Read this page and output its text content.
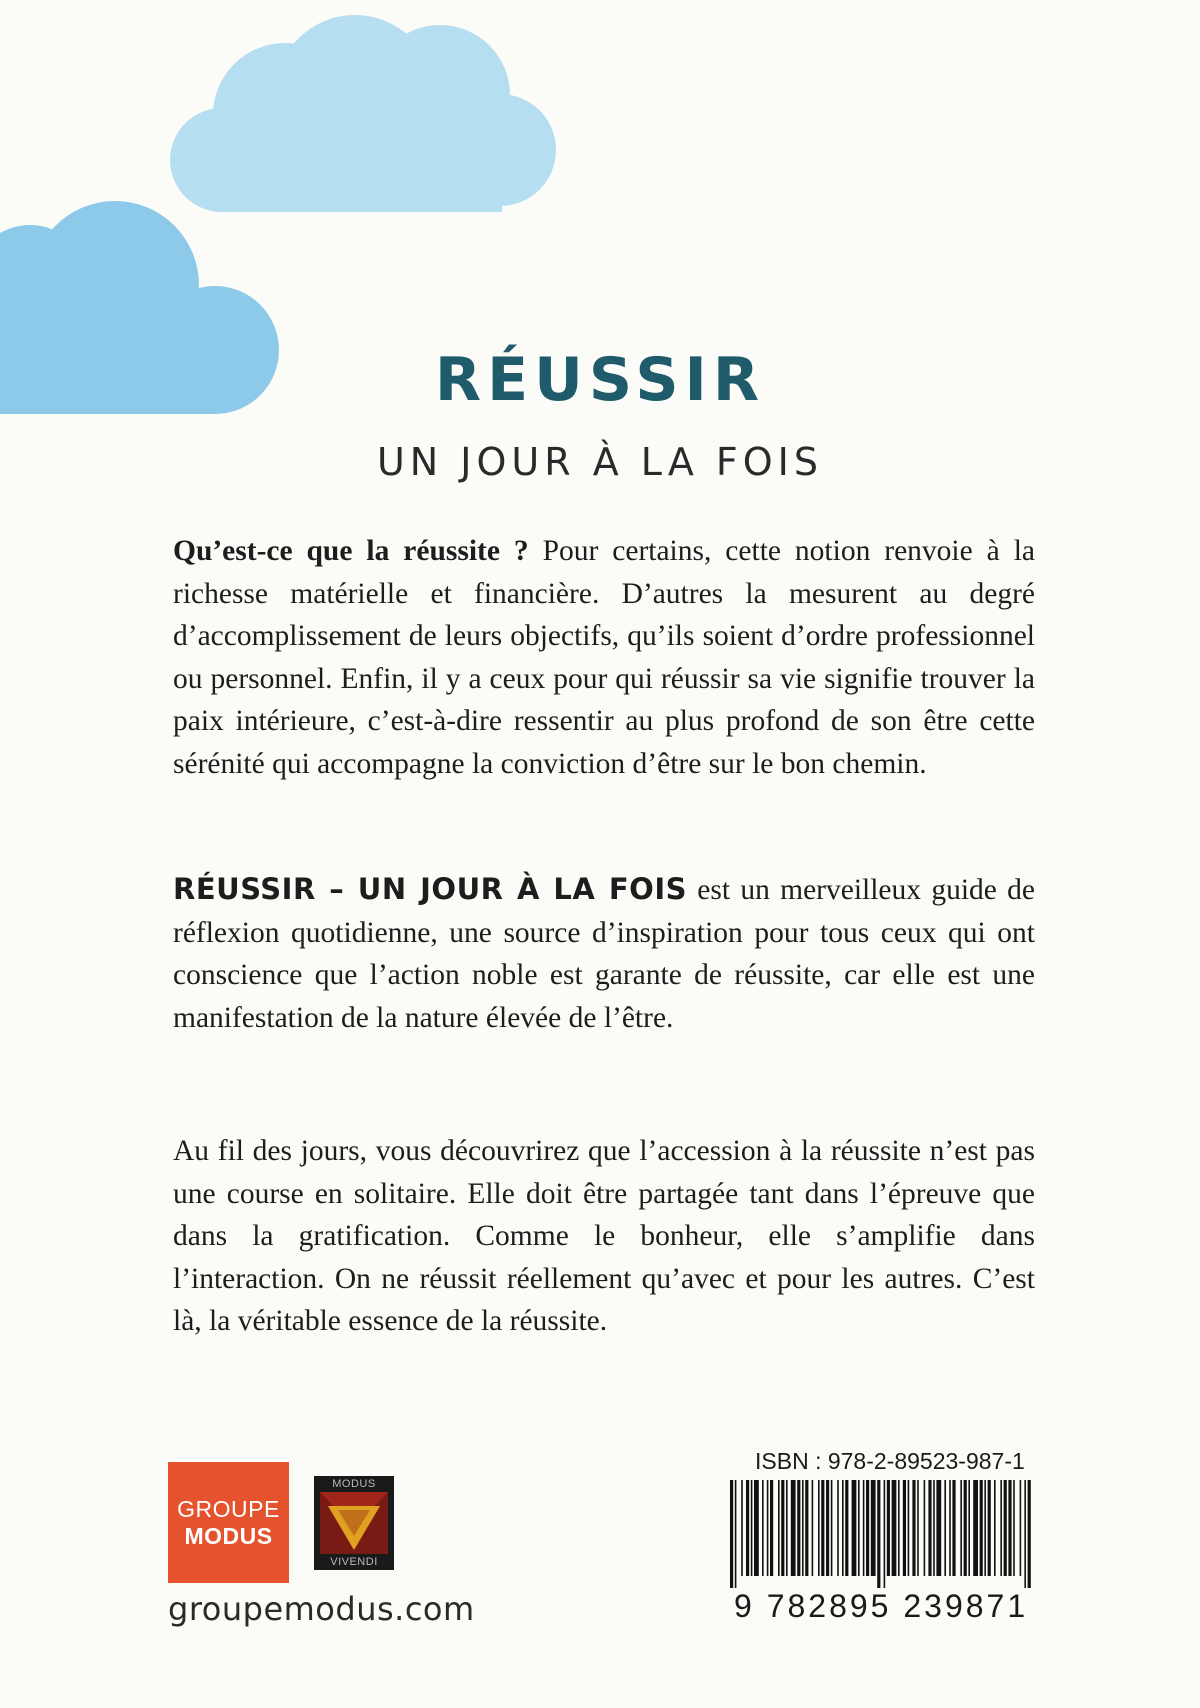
RÉUSSIR
UN JOUR À LA FOIS

Qu’est-ce que la réussite ? Pour certains, cette notion renvoie à la richesse matérielle et financière. D’autres la mesurent au degré d’accomplissement de leurs objectifs, qu’ils soient d’ordre professionnel ou personnel. Enfin, il y a ceux pour qui réussir sa vie signifie trouver la paix intérieure, c’est-à-dire ressentir au plus profond de son être cette sérénité qui accompagne la conviction d’être sur le bon chemin.

RÉUSSIR – UN JOUR À LA FOIS est un merveilleux guide de réflexion quotidienne, une source d’inspiration pour tous ceux qui ont conscience que l’action noble est garante de réussite, car elle est une manifestation de la nature élevée de l’être.

Au fil des jours, vous découvrirez que l’accession à la réussite n’est pas une course en solitaire. Elle doit être partagée tant dans l’épreuve que dans la gratification. Comme le bonheur, elle s’amplifie dans l’interaction. On ne réussit réellement qu’avec et pour les autres. C’est là, la véritable essence de la réussite.

GROUPE
MODUS
MODUS
VIVENDI
groupemodus.com
ISBN : 978-2-89523-987-1
9 782895 239871
